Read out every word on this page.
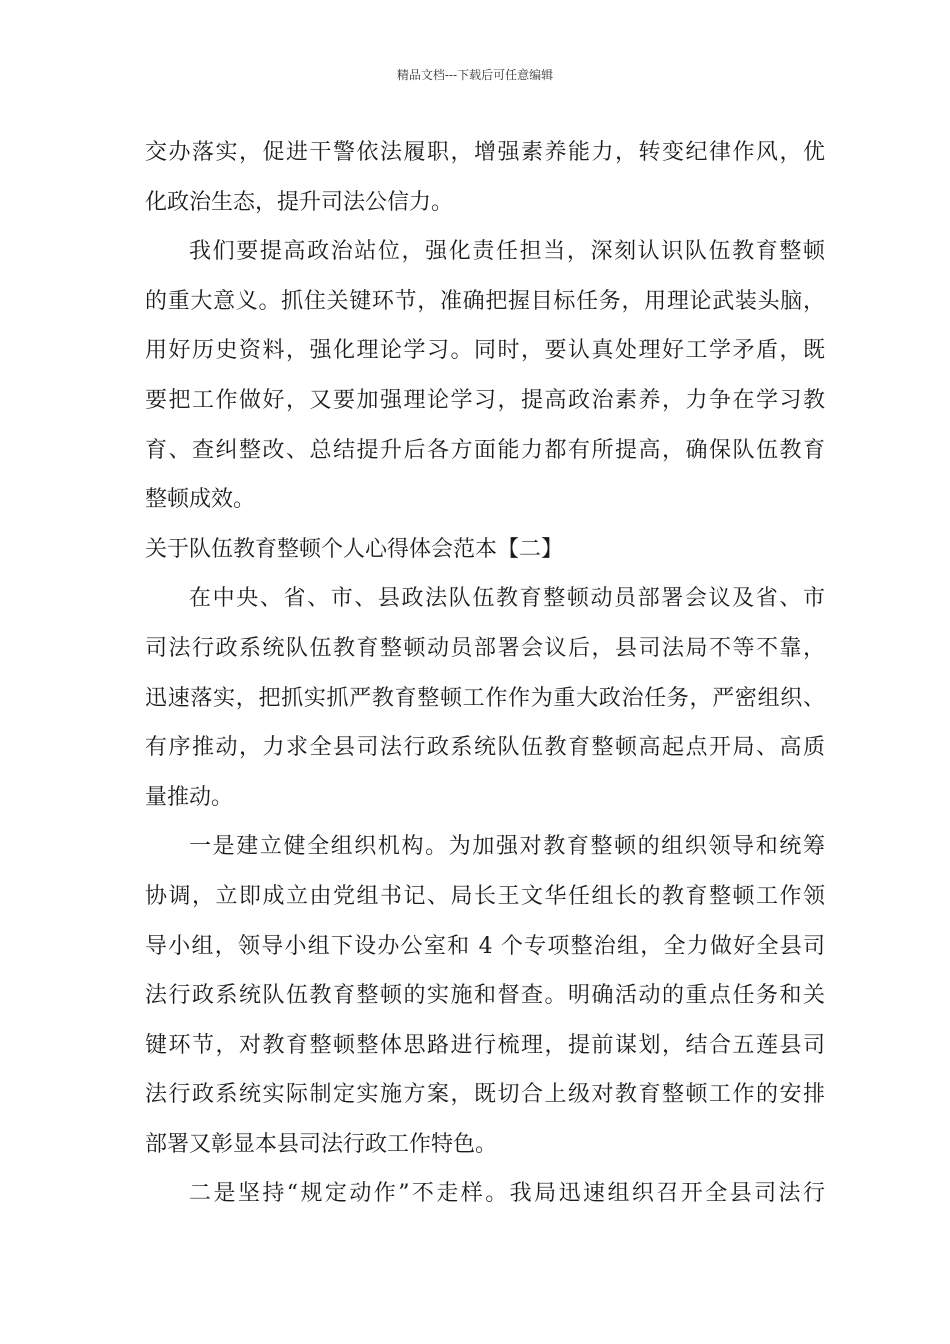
精品文档---下载后可任意编辑
交办落实，促进干警依法履职，增强素养能力，转变纪律作风，优
化政治生态，提升司法公信力。
我们要提高政治站位，强化责任担当，深刻认识队伍教育整顿
的重大意义。抓住关键环节，准确把握目标任务，用理论武装头脑，
用好历史资料，强化理论学习。同时，要认真处理好工学矛盾，既
要把工作做好，又要加强理论学习，提高政治素养，力争在学习教
育、查纠整改、总结提升后各方面能力都有所提高，确保队伍教育
整顿成效。
关于队伍教育整顿个人心得体会范本【二】
在中央、省、市、县政法队伍教育整顿动员部署会议及省、市
司法行政系统队伍教育整顿动员部署会议后，县司法局不等不靠，
迅速落实，把抓实抓严教育整顿工作作为重大政治任务，严密组织、
有序推动，力求全县司法行政系统队伍教育整顿高起点开局、高质
量推动。
一是建立健全组织机构。为加强对教育整顿的组织领导和统筹
协调，立即成立由党组书记、局长王文华任组长的教育整顿工作领
导小组，领导小组下设办公室和 4 个专项整治组，全力做好全县司
法行政系统队伍教育整顿的实施和督查。明确活动的重点任务和关
键环节，对教育整顿整体思路进行梳理，提前谋划，结合五莲县司
法行政系统实际制定实施方案，既切合上级对教育整顿工作的安排
部署又彰显本县司法行政工作特色。
二是坚持“规定动作”不走样。我局迅速组织召开全县司法行
